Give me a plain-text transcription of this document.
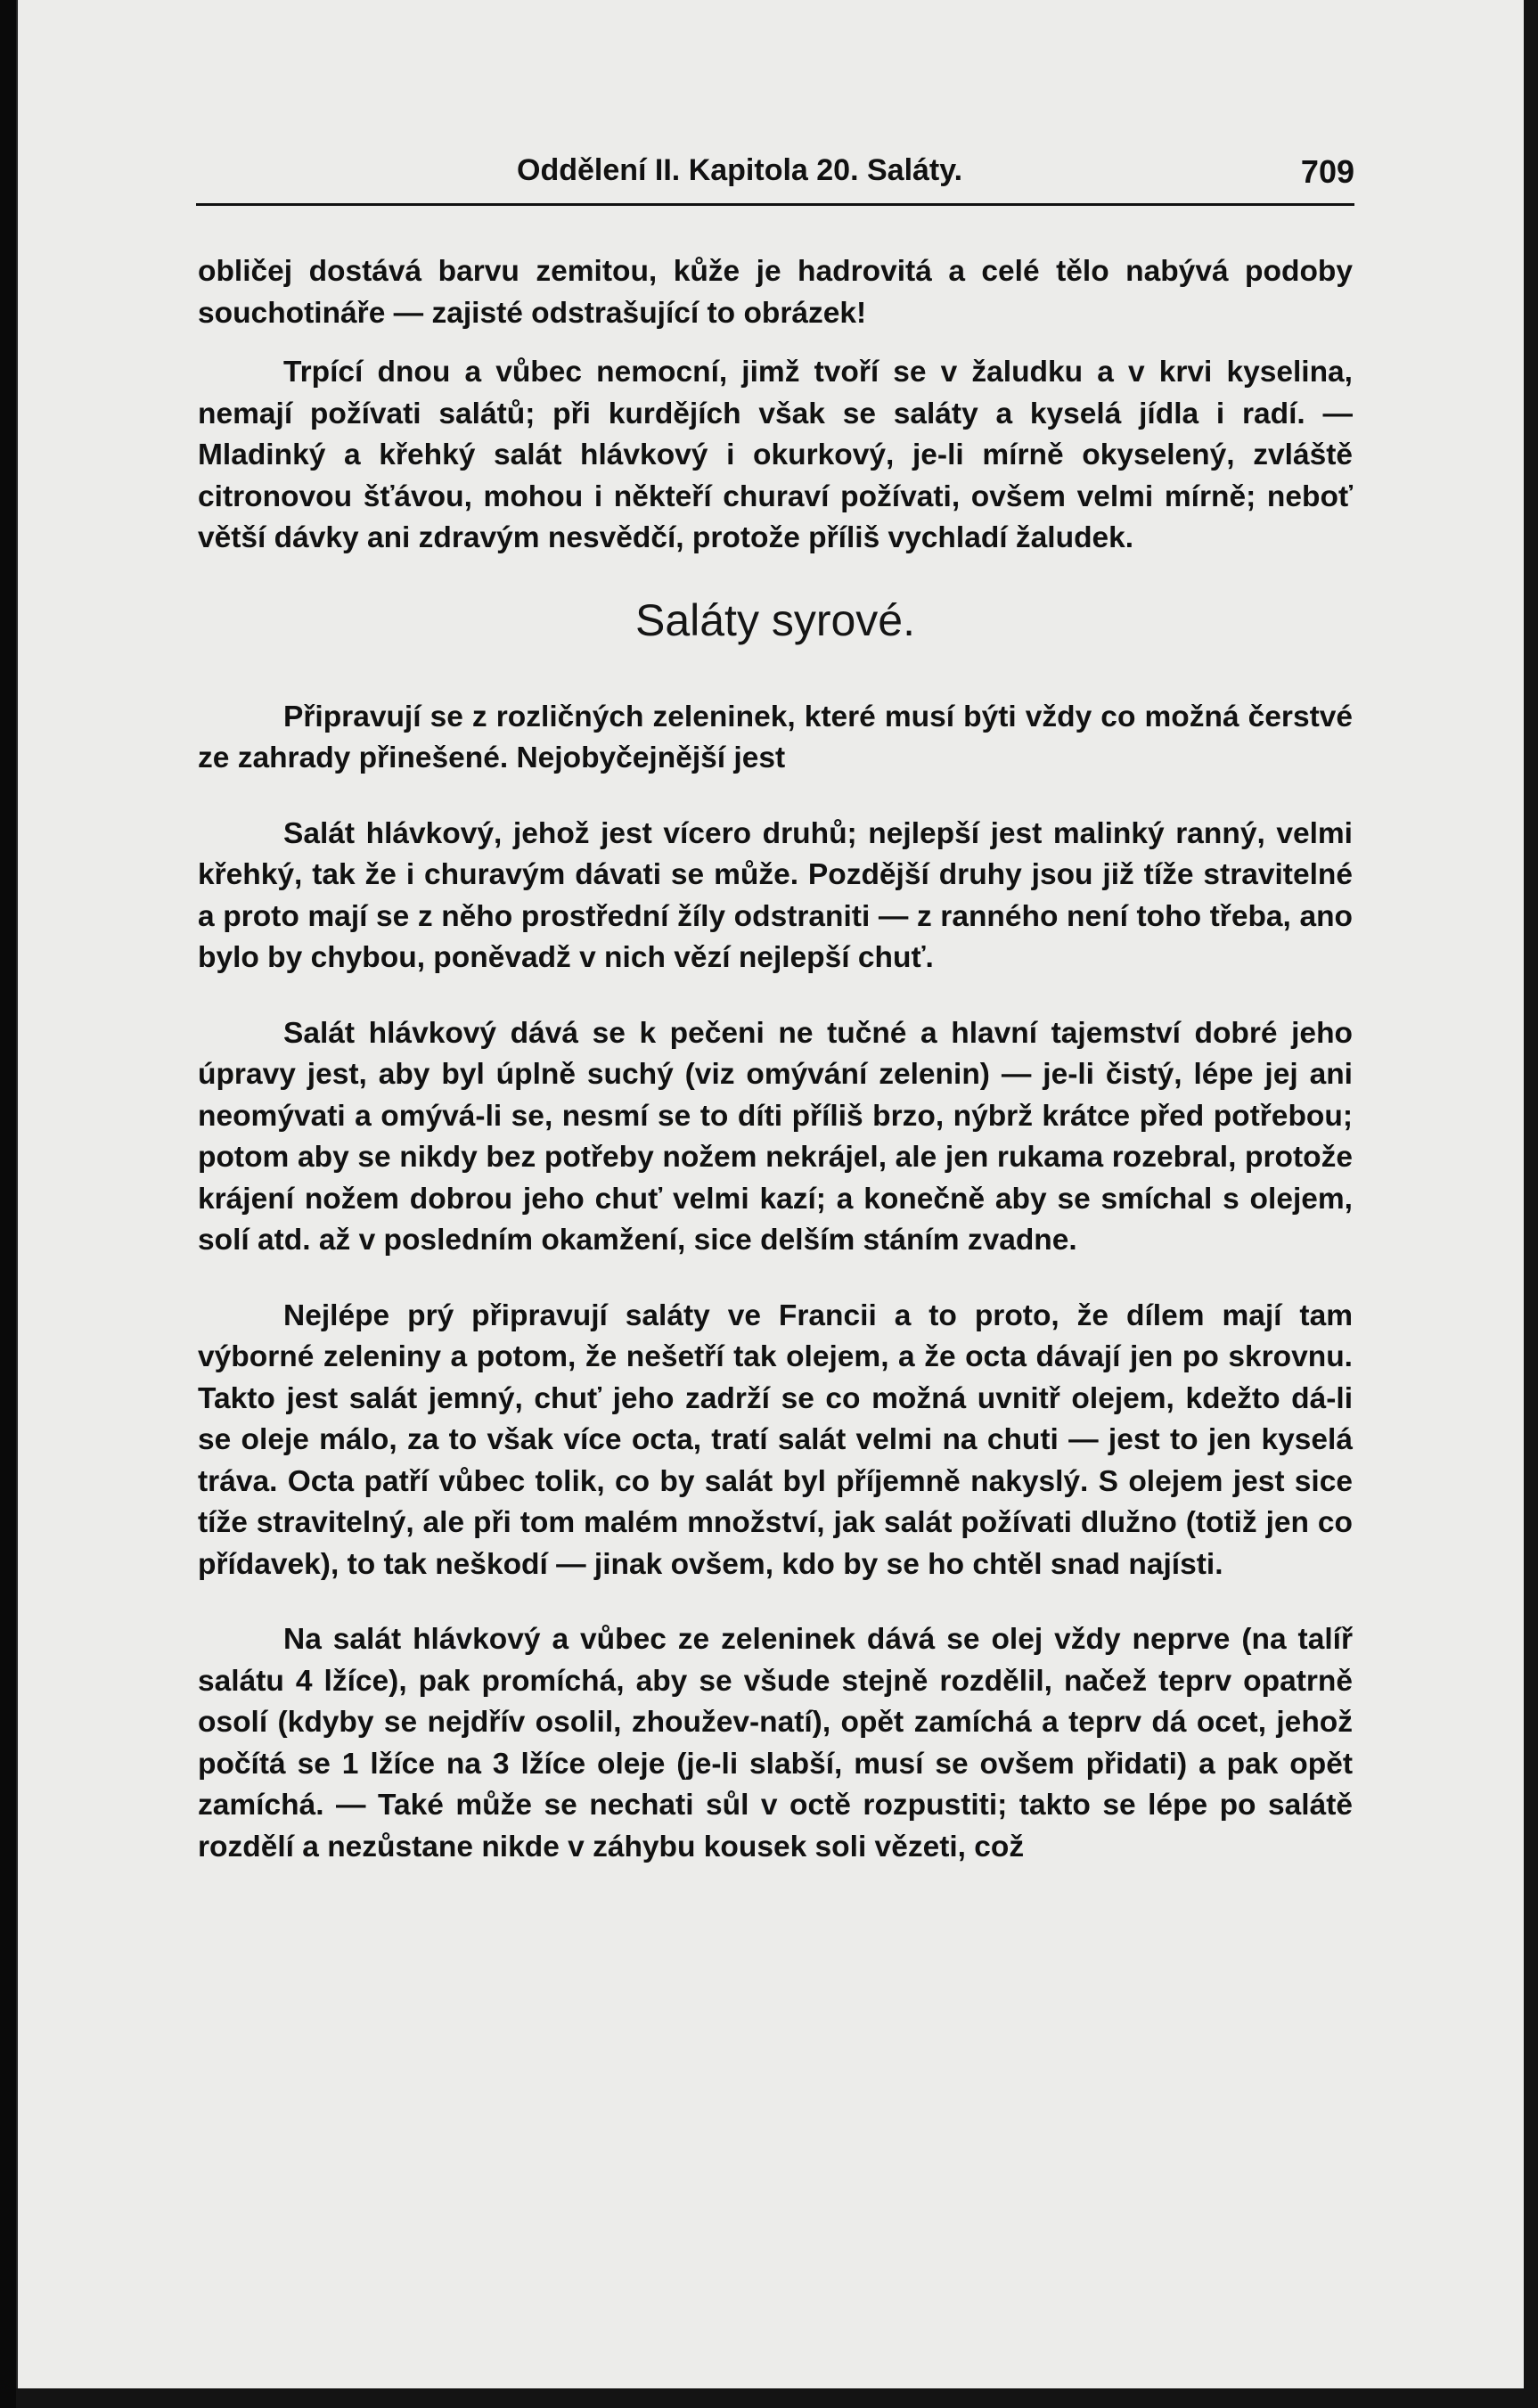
Oddělení II. Kapitola 20. Saláty.	709

obličej dostává barvu zemitou, kůže je hadrovitá a celé tělo nabývá podoby souchotináře — zajisté odstrašující to obrázek!

Trpící dnou a vůbec nemocní, jimž tvoří se v žaludku a v krvi kyselina, nemají požívati salátů; při kurdějích však se saláty a kyselá jídla i radí. — Mladinký a křehký salát hlávkový i okurkový, je-li mírně okyselený, zvláště citronovou šťávou, mohou i někteří churaví požívati, ovšem velmi mírně; neboť větší dávky ani zdravým nesvědčí, protože příliš vychladí žaludek.

Saláty syrové.

Připravují se z rozličných zeleninek, které musí býti vždy co možná čerstvé ze zahrady přinešené. Nejobyčejnější jest

Salát hlávkový, jehož jest vícero druhů; nejlepší jest malinký ranný, velmi křehký, tak že i churavým dávati se může. Pozdější druhy jsou již tíže stravitelné a proto mají se z něho prostřední žíly odstraniti — z ranného není toho třeba, ano bylo by chybou, poněvadž v nich vězí nejlepší chuť.

Salát hlávkový dává se k pečeni ne tučné a hlavní tajemství dobré jeho úpravy jest, aby byl úplně suchý (viz omývání zelenin) — je-li čistý, lépe jej ani neomývati a omývá-li se, nesmí se to díti příliš brzo, nýbrž krátce před potřebou; potom aby se nikdy bez potřeby nožem nekrájel, ale jen rukama rozebral, protože krájení nožem dobrou jeho chuť velmi kazí; a konečně aby se smíchal s olejem, solí atd. až v posledním okamžení, sice delším stáním zvadne.

Nejlépe prý připravují saláty ve Francii a to proto, že dílem mají tam výborné zeleniny a potom, že nešetří tak olejem, a že octa dávají jen po skrovnu. Takto jest salát jemný, chuť jeho zadrží se co možná uvnitř olejem, kdežto dá-li se oleje málo, za to však více octa, tratí salát velmi na chuti — jest to jen kyselá tráva. Octa patří vůbec tolik, co by salát byl příjemně nakyslý. S olejem jest sice tíže stravitelný, ale při tom malém množství, jak salát požívati dlužno (totiž jen co přídavek), to tak neškodí — jinak ovšem, kdo by se ho chtěl snad najísti.

Na salát hlávkový a vůbec ze zeleninek dává se olej vždy neprve (na talíř salátu 4 lžíce), pak promíchá, aby se všude stejně rozdělil, načež teprv opatrně osolí (kdyby se nejdřív osolil, zhoužev-natí), opět zamíchá a teprv dá ocet, jehož počítá se 1 lžíce na 3 lžíce oleje (je-li slabší, musí se ovšem přidati) a pak opět zamíchá. — Také může se nechati sůl v octě rozpustiti; takto se lépe po salátě rozdělí a nezůstane nikde v záhybu kousek soli vězeti, což
